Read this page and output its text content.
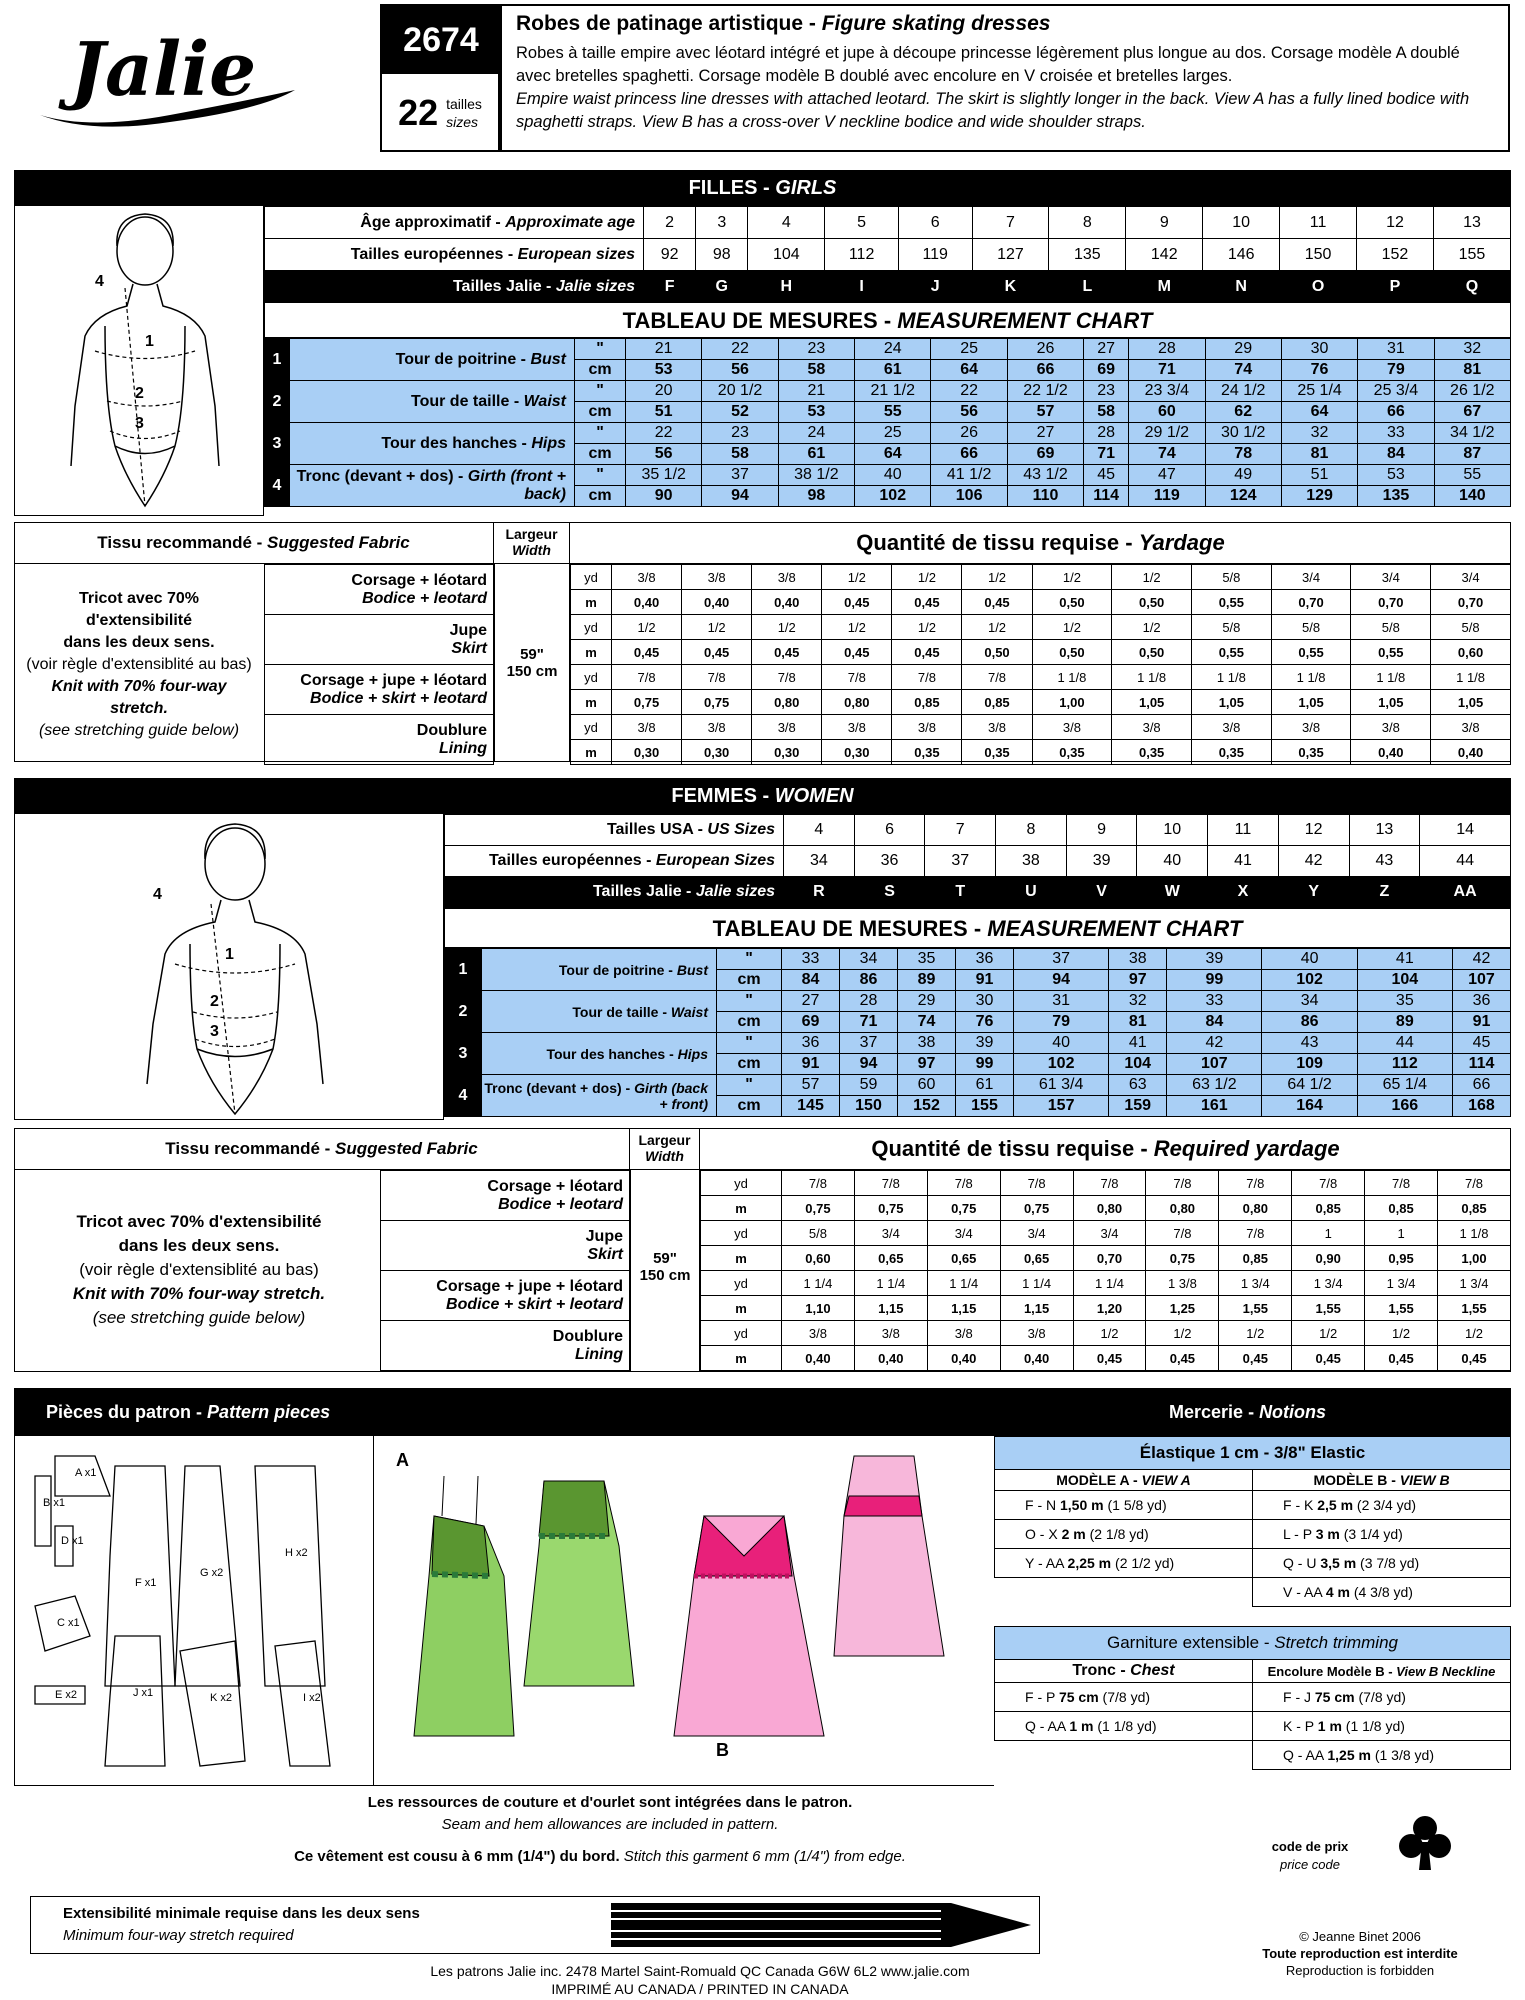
Jalie	2674
22 tailles
sizes
Robes de patinage artistique - Figure skating dresses
Robes à taille empire avec léotard intégré et jupe à découpe princesse légèrement plus longue au dos. Corsage modèle A doublé avec bretelles spaghetti. Corsage modèle B doublé avec encolure en V croisée et bretelles larges.
Empire waist princess line dresses with attached leotard. The skirt is slightly longer in the back. View A has a fully lined bodice with spaghetti straps. View B has a cross-over V neckline bodice and wide shoulder straps.
FILLES - GIRLS
4
1
2
3
Âge approximatif - Approximate age	2	3	4	5	6	7	8	9	10	11	12	13
Tailles européennes - European sizes	92	98	104	112	119	127	135	142	146	150	152	155
Tailles Jalie - Jalie sizes	F	G	H	I	J	K	L	M	N	O	P	Q
TABLEAU DE MESURES - MEASUREMENT CHART
1	Tour de poitrine - Bust	"	21	22	23	24	25	26	27	28	29	30	31	32
		cm	53	56	58	61	64	66	69	71	74	76	79	81
2	Tour de taille - Waist	"	20	20 1/2	21	21 1/2	22	22 1/2	23	23 3/4	24 1/2	25 1/4	25 3/4	26 1/2
		cm	51	52	53	55	56	57	58	60	62	64	66	67
3	Tour des hanches - Hips	"	22	23	24	25	26	27	28	29 1/2	30 1/2	32	33	34 1/2
		cm	56	58	61	64	66	69	71	74	78	81	84	87
4	Tronc (devant + dos) - Girth (front + back)	"	35 1/2	37	38 1/2	40	41 1/2	43 1/2	45	47	49	51	53	55
		cm	90	94	98	102	106	110	114	119	124	129	135	140
Tissu recommandé - Suggested Fabric	Largeur
Width	Quantité de tissu requise - Yardage
Tricot avec 70%
d'extensibilité
dans les deux sens.
(voir règle d'extensiblité au bas)
Knit with 70% four-way
stretch.
(see stretching guide below)
59"
150 cm
Corsage + léotard
Bodice + leotard
Jupe
Skirt
Corsage + jupe + léotard
Bodice + skirt + leotard
Doublure
Lining
yd	3/8	3/8	3/8	1/2	1/2	1/2	1/2	1/2	5/8	3/4	3/4	3/4
m	0,40	0,40	0,40	0,45	0,45	0,45	0,50	0,50	0,55	0,70	0,70	0,70
yd	1/2	1/2	1/2	1/2	1/2	1/2	1/2	1/2	5/8	5/8	5/8	5/8
m	0,45	0,45	0,45	0,45	0,45	0,50	0,50	0,50	0,55	0,55	0,55	0,60
yd	7/8	7/8	7/8	7/8	7/8	7/8	1 1/8	1 1/8	1 1/8	1 1/8	1 1/8	1 1/8
m	0,75	0,75	0,80	0,80	0,85	0,85	1,00	1,05	1,05	1,05	1,05	1,05
yd	3/8	3/8	3/8	3/8	3/8	3/8	3/8	3/8	3/8	3/8	3/8	3/8
m	0,30	0,30	0,30	0,30	0,35	0,35	0,35	0,35	0,35	0,35	0,40	0,40
FEMMES - WOMEN
4
1
2
3
Tailles USA - US Sizes	4	6	7	8	9	10	11	12	13	14
Tailles européennes - European Sizes	34	36	37	38	39	40	41	42	43	44
Tailles Jalie - Jalie sizes	R	S	T	U	V	W	X	Y	Z	AA
TABLEAU DE MESURES - MEASUREMENT CHART
1	Tour de poitrine - Bust	"	33	34	35	36	37	38	39	40	41	42
		cm	84	86	89	91	94	97	99	102	104	107
2	Tour de taille - Waist	"	27	28	29	30	31	32	33	34	35	36
		cm	69	71	74	76	79	81	84	86	89	91
3	Tour des hanches - Hips	"	36	37	38	39	40	41	42	43	44	45
		cm	91	94	97	99	102	104	107	109	112	114
4	Tronc (devant + dos) - Girth (back + front)	"	57	59	60	61	61 3/4	63	63 1/2	64 1/2	65 1/4	66
		cm	145	150	152	155	157	159	161	164	166	168
Tissu recommandé - Suggested Fabric	Largeur
Width	Quantité de tissu requise - Required yardage
Tricot avec 70% d'extensibilité
dans les deux sens.
(voir règle d'extensiblité au bas)
Knit with 70% four-way stretch.
(see stretching guide below)
59"
150 cm
Corsage + léotard
Bodice + leotard
Jupe
Skirt
Corsage + jupe + léotard
Bodice + skirt + leotard
Doublure
Lining
yd	7/8	7/8	7/8	7/8	7/8	7/8	7/8	7/8	7/8	7/8
m	0,75	0,75	0,75	0,75	0,80	0,80	0,80	0,85	0,85	0,85
yd	5/8	3/4	3/4	3/4	3/4	7/8	7/8	1	1	1 1/8
m	0,60	0,65	0,65	0,65	0,70	0,75	0,85	0,90	0,95	1,00
yd	1 1/4	1 1/4	1 1/4	1 1/4	1 1/4	1 3/8	1 3/4	1 3/4	1 3/4	1 3/4
m	1,10	1,15	1,15	1,15	1,20	1,25	1,55	1,55	1,55	1,55
yd	3/8	3/8	3/8	3/8	1/2	1/2	1/2	1/2	1/2	1/2
m	0,40	0,40	0,40	0,40	0,45	0,45	0,45	0,45	0,45	0,45
Pièces du patron - Pattern pieces	Mercerie - Notions
A x1
B x1
D x1
C x1
E x2
F x1
G x2
H x2
J x1	K x2	I x2
A
B
Élastique 1 cm - 3/8" Elastic	
MODÈLE A - VIEW A	MODÈLE B - VIEW B
F - N 1,50 m (1 5/8 yd)	F - K 2,5 m (2 3/4 yd)
O - X 2 m (2 1/8 yd)	L - P 3 m (3 1/4 yd)
Y - AA 2,25 m (2 1/2 yd)	Q - U 3,5 m (3 7/8 yd)
	V - AA 4 m (4 3/8 yd)
Garniture extensible - Stretch trimming	
Tronc - Chest	Encolure Modèle B - View B Neckline
F - P 75 cm (7/8 yd)	F - J 75 cm (7/8 yd)
Q - AA 1 m (1 1/8 yd)	K - P 1 m (1 1/8 yd)
	Q - AA 1,25 m (1 3/8 yd)
Les ressources de couture et d'ourlet sont intégrées dans le patron.
Seam and hem allowances are included in pattern.
Ce vêtement est cousu à 6 mm (1/4") du bord. Stitch this garment 6 mm (1/4") from edge.
code de prix
price code
Extensibilité minimale requise dans les deux sens
Minimum four-way stretch required	© Jeanne Binet 2006
Toute reproduction est interdite
Reproduction is forbidden
Les patrons Jalie inc. 2478 Martel Saint-Romuald QC Canada G6W 6L2 www.jalie.com
IMPRIMÉ AU CANADA / PRINTED IN CANADA
